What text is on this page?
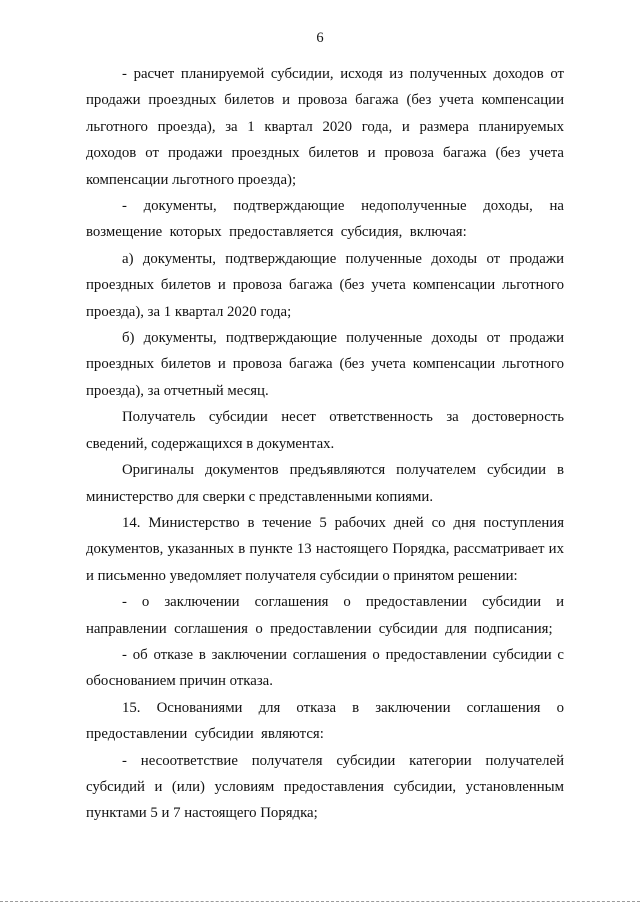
6

- расчет планируемой субсидии, исходя из полученных доходов от продажи проездных билетов и провоза багажа (без учета компенсации льготного проезда), за 1 квартал 2020 года, и размера планируемых доходов от продажи проездных билетов и провоза багажа (без учета компенсации льготного проезда);

- документы, подтверждающие недополученные доходы, на возмещение которых предоставляется субсидия, включая:

а) документы, подтверждающие полученные доходы от продажи проездных билетов и провоза багажа (без учета компенсации льготного проезда), за 1 квартал 2020 года;

б) документы, подтверждающие полученные доходы от продажи проездных билетов и провоза багажа (без учета компенсации льготного проезда), за отчетный месяц.

Получатель субсидии несет ответственность за достоверность сведений, содержащихся в документах.

Оригиналы документов предъявляются получателем субсидии в министерство для сверки с представленными копиями.

14. Министерство в течение 5 рабочих дней со дня поступления документов, указанных в пункте 13 настоящего Порядка, рассматривает их и письменно уведомляет получателя субсидии о принятом решении:

- о заключении соглашения о предоставлении субсидии и направлении соглашения о предоставлении субсидии для подписания;

- об отказе в заключении соглашения о предоставлении субсидии с обоснованием причин отказа.

15. Основаниями для отказа в заключении соглашения о предоставлении субсидии являются:

- несоответствие получателя субсидии категории получателей субсидий и (или) условиям предоставления субсидии, установленным пунктами 5 и 7 настоящего Порядка;
